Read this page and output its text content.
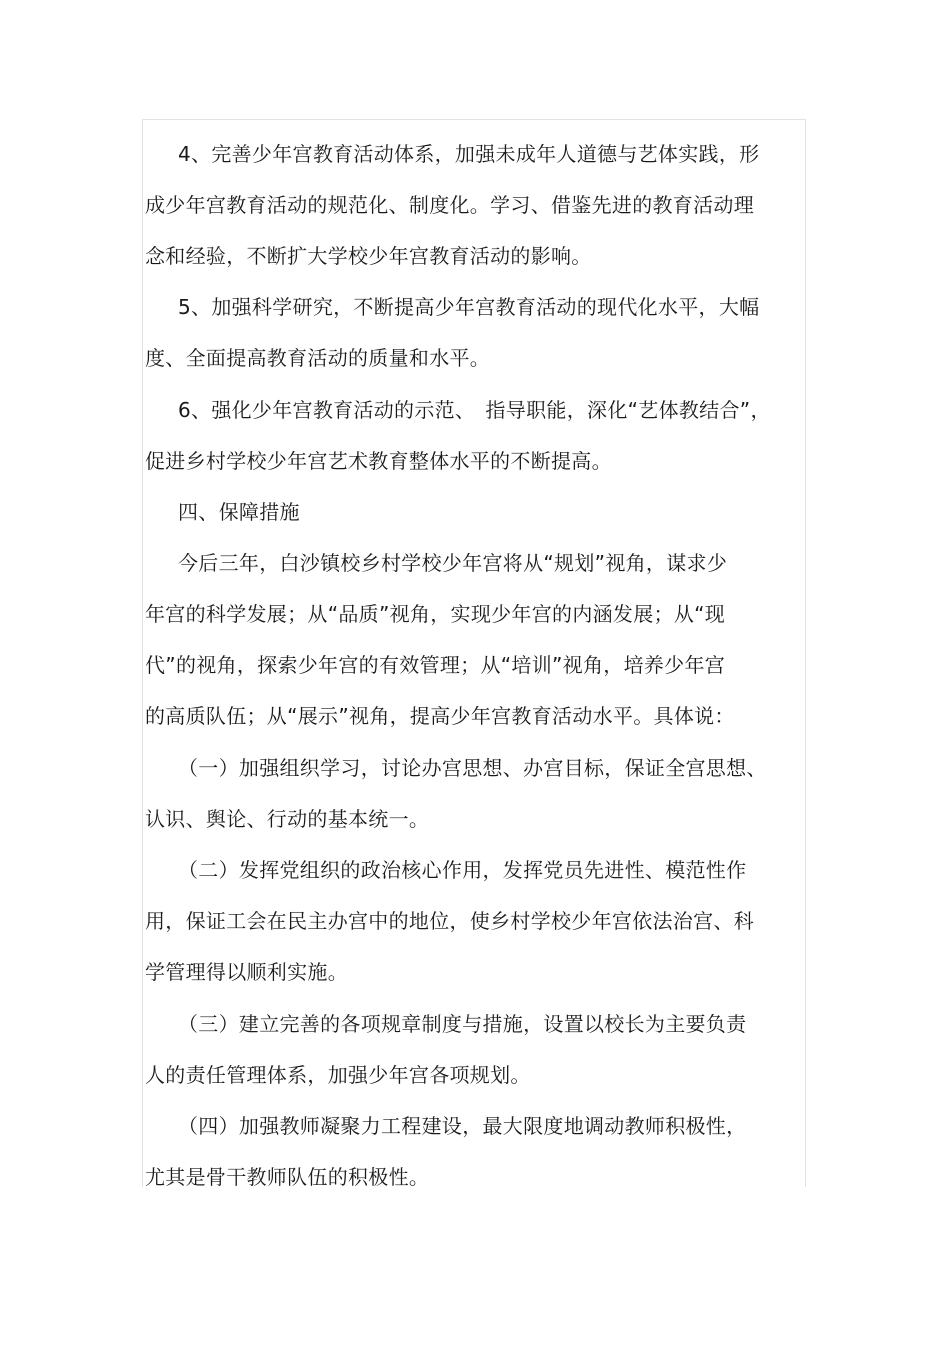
4、完善少年宫教育活动体系，加强未成年人道德与艺体实践，形
成少年宫教育活动的规范化、制度化。学习、借鉴先进的教育活动理
念和经验，不断扩大学校少年宫教育活动的影响。
5、加强科学研究，不断提高少年宫教育活动的现代化水平，大幅
度、全面提高教育活动的质量和水平。
6、强化少年宫教育活动的示范、　指导职能，深化“艺体教结合”，
促进乡村学校少年宫艺术教育整体水平的不断提高。
四、保障措施
今后三年，白沙镇校乡村学校少年宫将从“规划”视角，谋求少
年宫的科学发展；从“品质”视角，实现少年宫的内涵发展；从“现
代”的视角，探索少年宫的有效管理；从“培训”视角，培养少年宫
的高质队伍；从“展示”视角，提高少年宫教育活动水平。具体说：
（一）加强组织学习，讨论办宫思想、办宫目标，保证全宫思想、
认识、舆论、行动的基本统一。
（二）发挥党组织的政治核心作用，发挥党员先进性、模范性作
用，保证工会在民主办宫中的地位，使乡村学校少年宫依法治宫、科
学管理得以顺利实施。
（三）建立完善的各项规章制度与措施，设置以校长为主要负责
人的责任管理体系，加强少年宫各项规划。
（四）加强教师凝聚力工程建设，最大限度地调动教师积极性，
尤其是骨干教师队伍的积极性。
